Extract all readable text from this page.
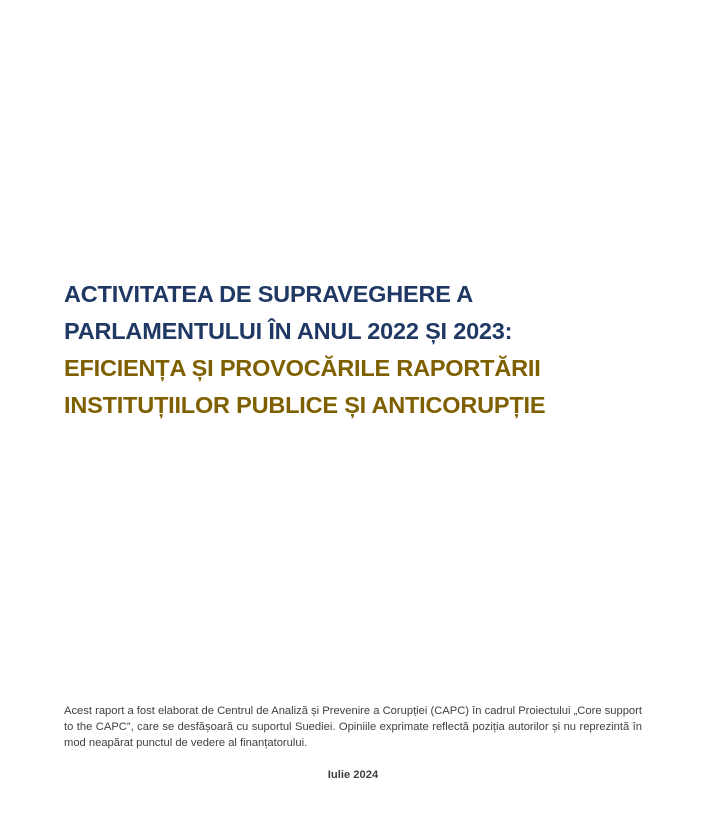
ACTIVITATEA DE SUPRAVEGHERE A
PARLAMENTULUI ÎN ANUL 2022 ȘI 2023:
EFICIENȚA ȘI PROVOCĂRILE RAPORTĂRII
INSTITUȚIILOR PUBLICE ȘI ANTICORUPȚIE

Acest raport a fost elaborat de Centrul de Analiză și Prevenire a Corupției (CAPC) în cadrul Proiectului „Core support to the CAPC”, care se desfășoară cu suportul Suediei. Opiniile exprimate reflectă poziția autorilor și nu reprezintă în mod neapărat punctul de vedere al finanțatorului.

Iulie 2024
